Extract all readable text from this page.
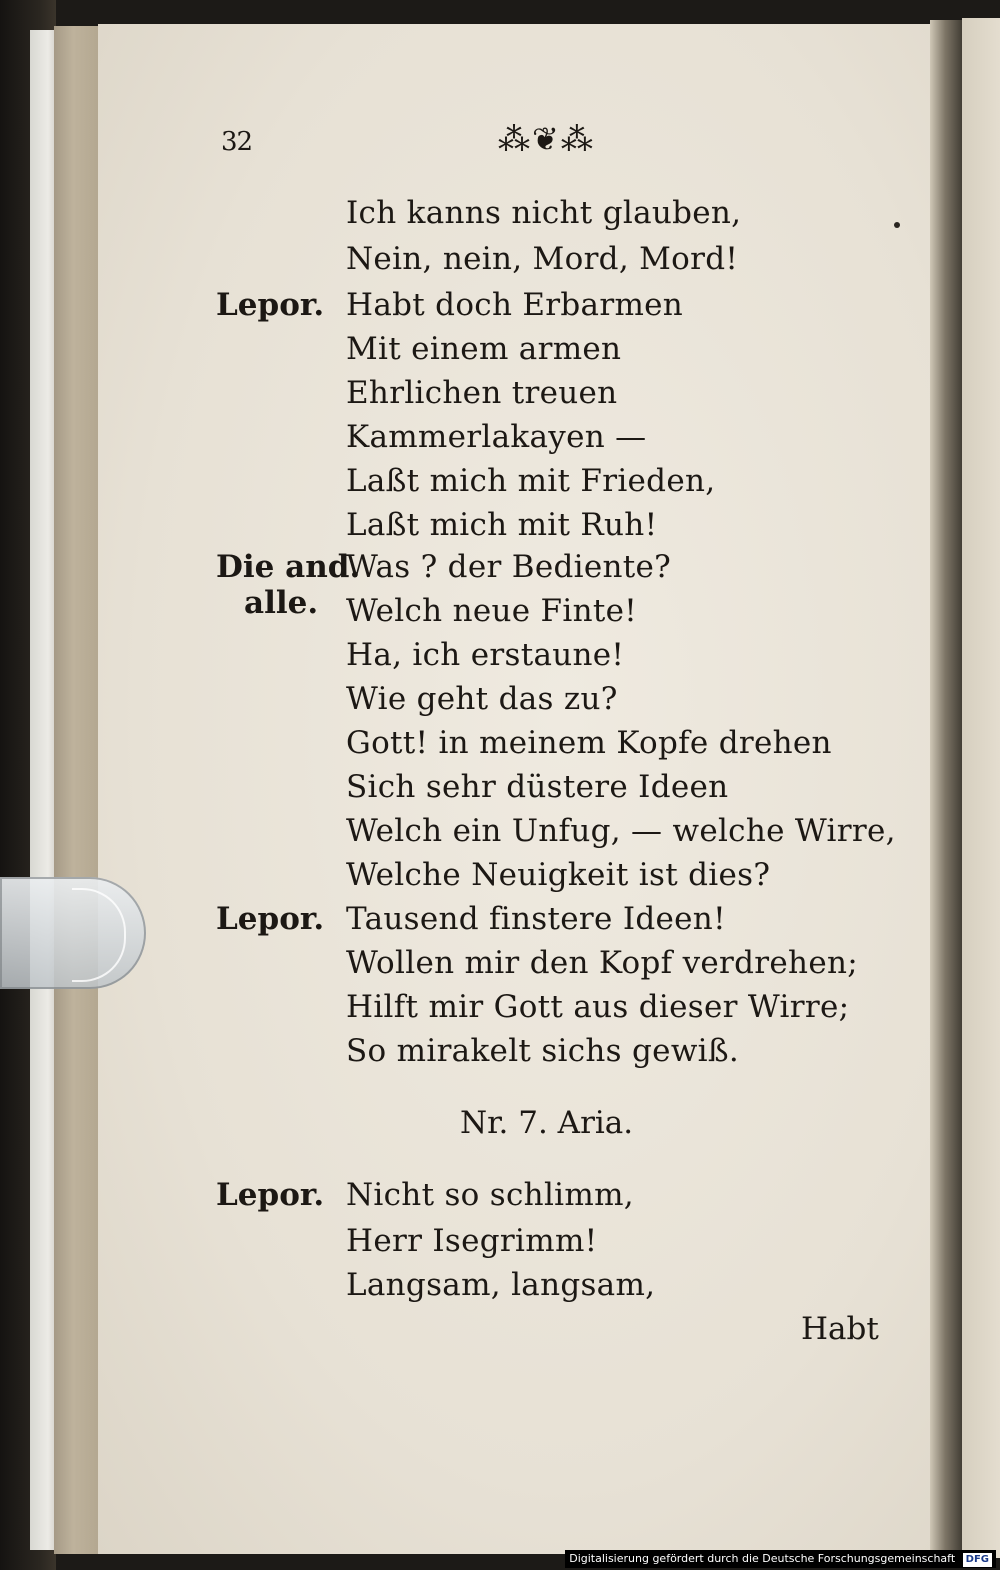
32	⁂❦⁂
Ich kanns nicht glauben,
Nein, nein, Mord, Mord!
Lepor. Habt doch Erbarmen
Mit einem armen
Ehrlichen treuen
Kammerlakayen —
Laßt mich mit Frieden,
Laßt mich mit Ruh!
Die and.
Was ? der Bediente?
alle. Welch neue Finte!
Ha, ich erstaune!
Wie geht das zu?
Gott! in meinem Kopfe drehen
Sich sehr düstere Ideen
Welch ein Unfug, — welche Wirre,
Welche Neuigkeit ist dies?
Lepor. Tausend finstere Ideen!
Wollen mir den Kopf verdrehen;
Hilft mir Gott aus dieser Wirre;
So mirakelt sichs gewiß.
Nr. 7. Aria.
Lepor. Nicht so schlimm,
Herr Isegrimm!
Langsam, langsam,
Habt
Digitalisierung gefördert durch die Deutsche Forschungsgemeinschaft DFG
